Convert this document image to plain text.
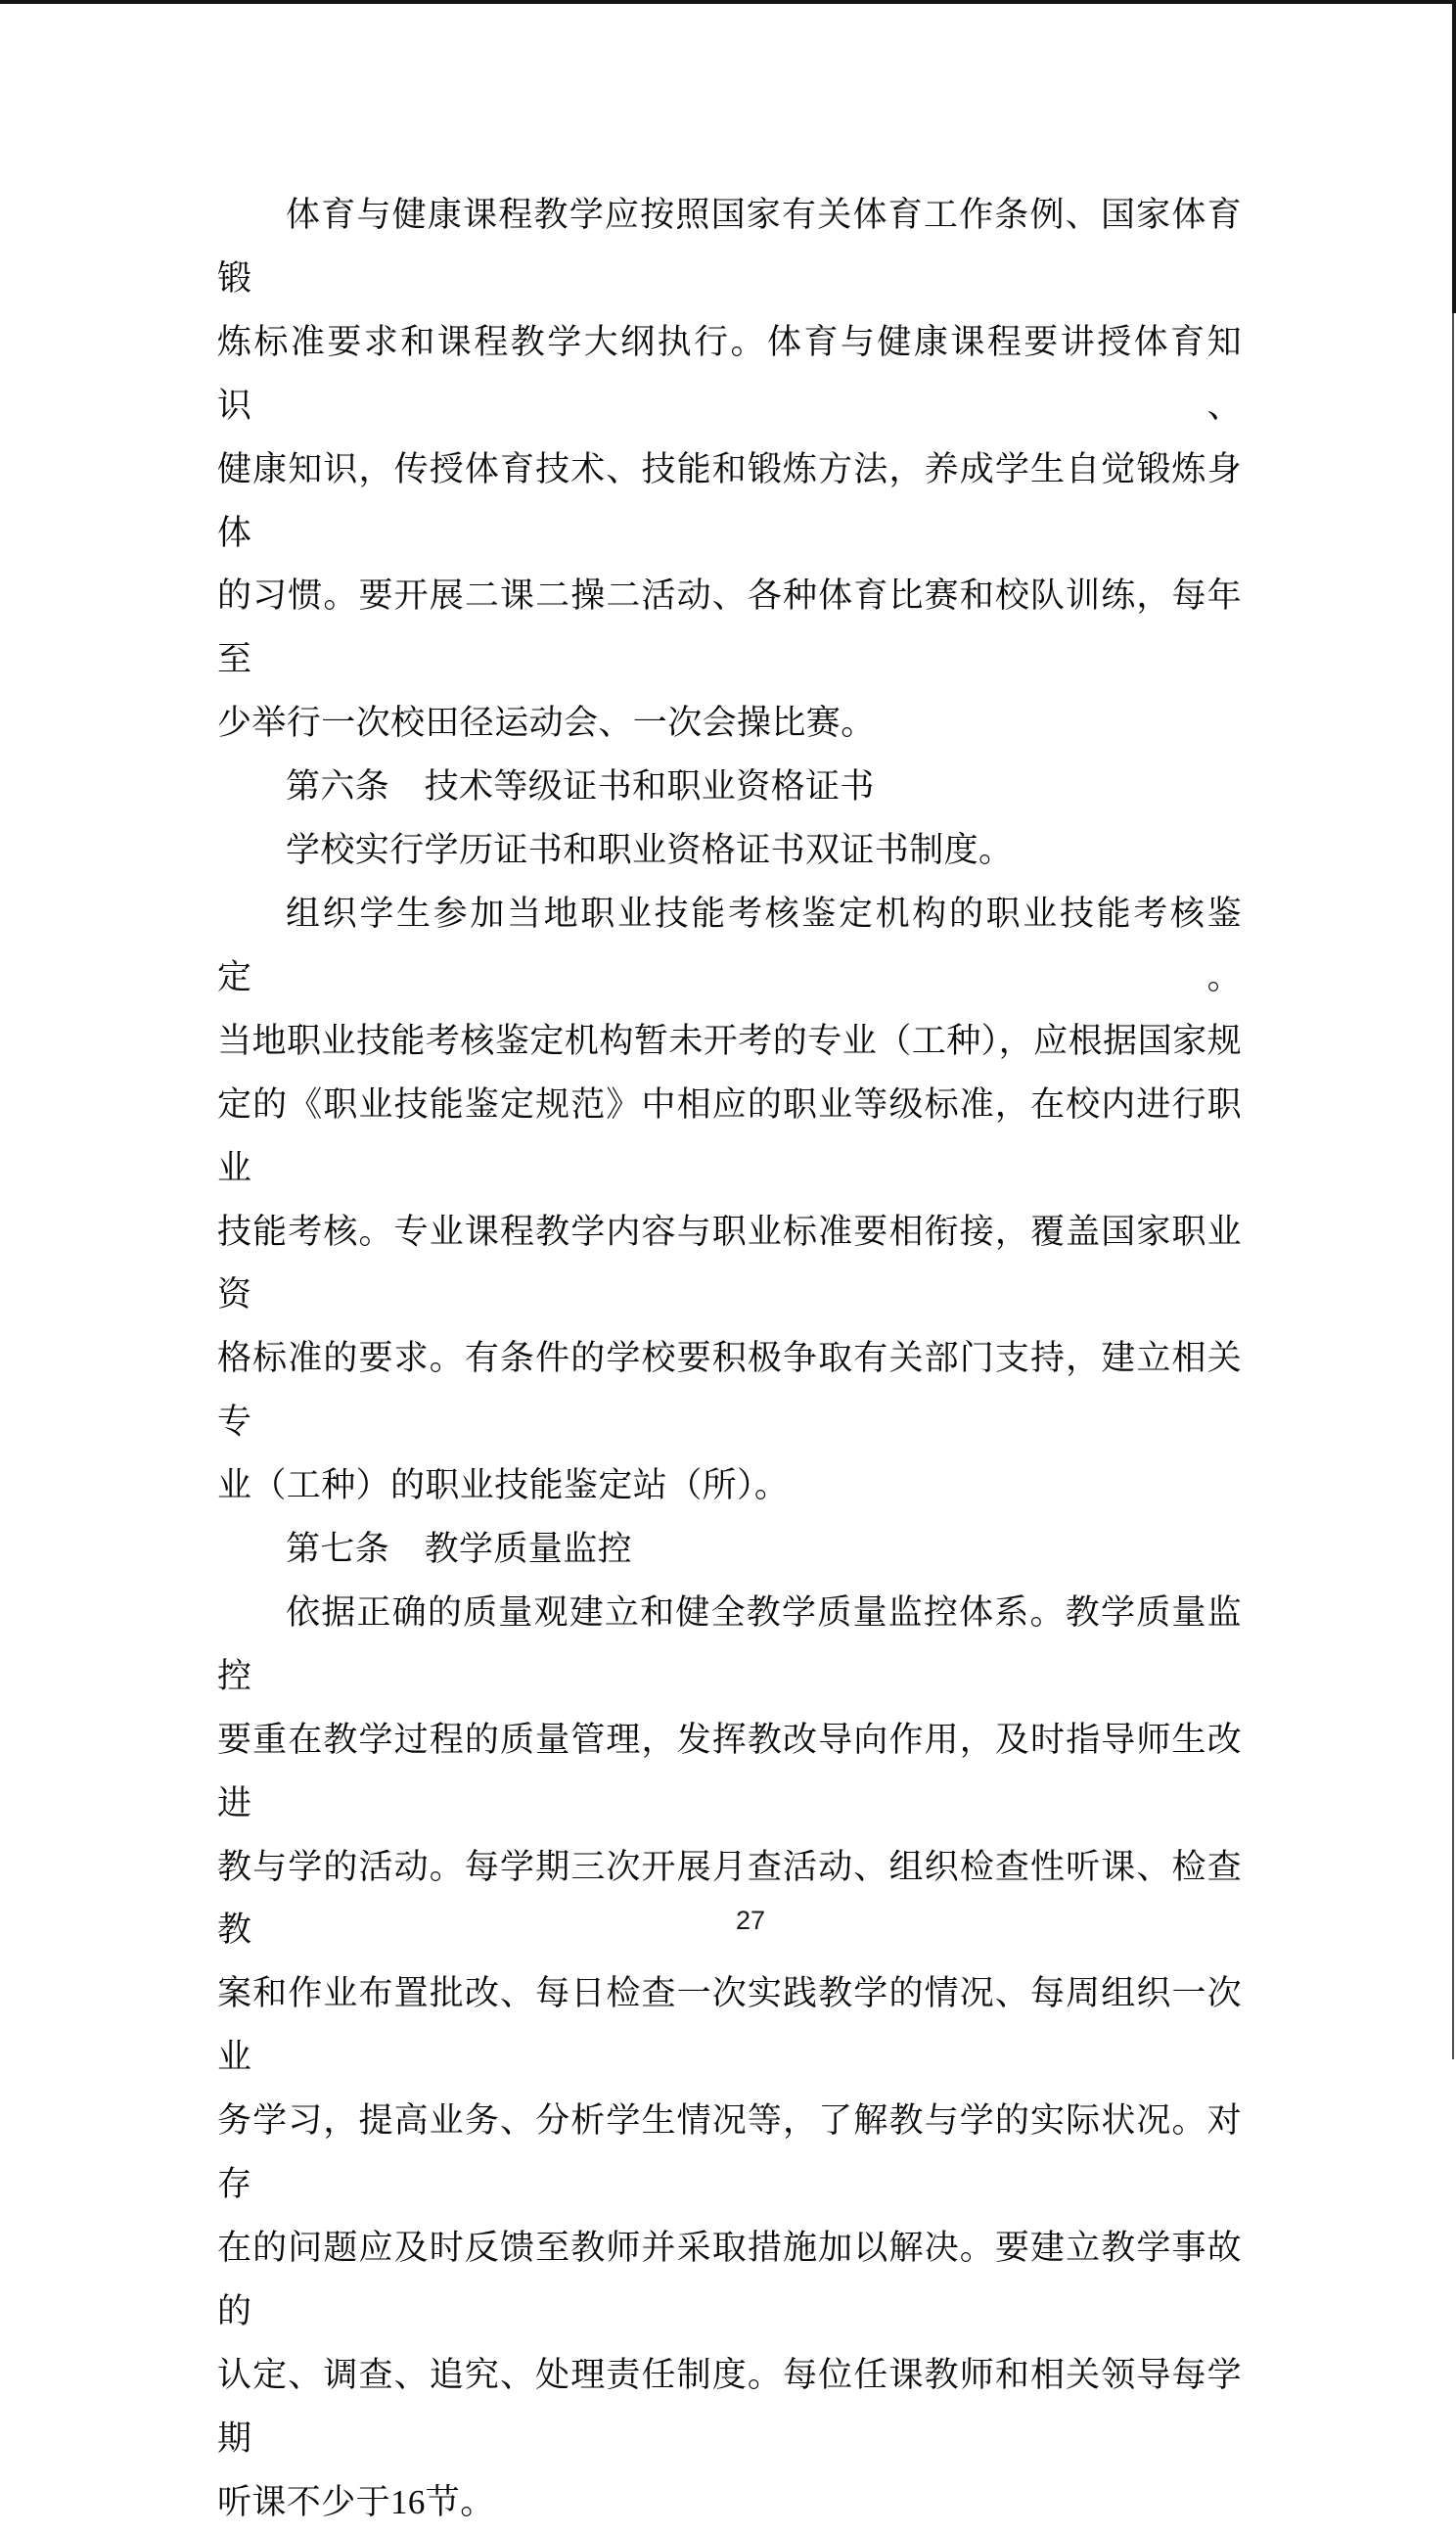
体育与健康课程教学应按照国家有关体育工作条例、国家体育锻
炼标准要求和课程教学大纲执行。体育与健康课程要讲授体育知识、
健康知识，传授体育技术、技能和锻炼方法，养成学生自觉锻炼身体
的习惯。要开展二课二操二活动、各种体育比赛和校队训练，每年至
少举行一次校田径运动会、一次会操比赛。
第六条　技术等级证书和职业资格证书
学校实行学历证书和职业资格证书双证书制度。
组织学生参加当地职业技能考核鉴定机构的职业技能考核鉴定。
当地职业技能考核鉴定机构暂未开考的专业（工种），应根据国家规
定的《职业技能鉴定规范》中相应的职业等级标准，在校内进行职业
技能考核。专业课程教学内容与职业标准要相衔接，覆盖国家职业资
格标准的要求。有条件的学校要积极争取有关部门支持，建立相关专
业（工种）的职业技能鉴定站（所）。
第七条　教学质量监控
依据正确的质量观建立和健全教学质量监控体系。教学质量监控
要重在教学过程的质量管理，发挥教改导向作用，及时指导师生改进
教与学的活动。每学期三次开展月查活动、组织检查性听课、检查教
案和作业布置批改、每日检查一次实践教学的情况、每周组织一次业
务学习，提高业务、分析学生情况等，了解教与学的实际状况。对存
在的问题应及时反馈至教师并采取措施加以解决。要建立教学事故的
认定、调查、追究、处理责任制度。每位任课教师和相关领导每学期
听课不少于16节。
27
